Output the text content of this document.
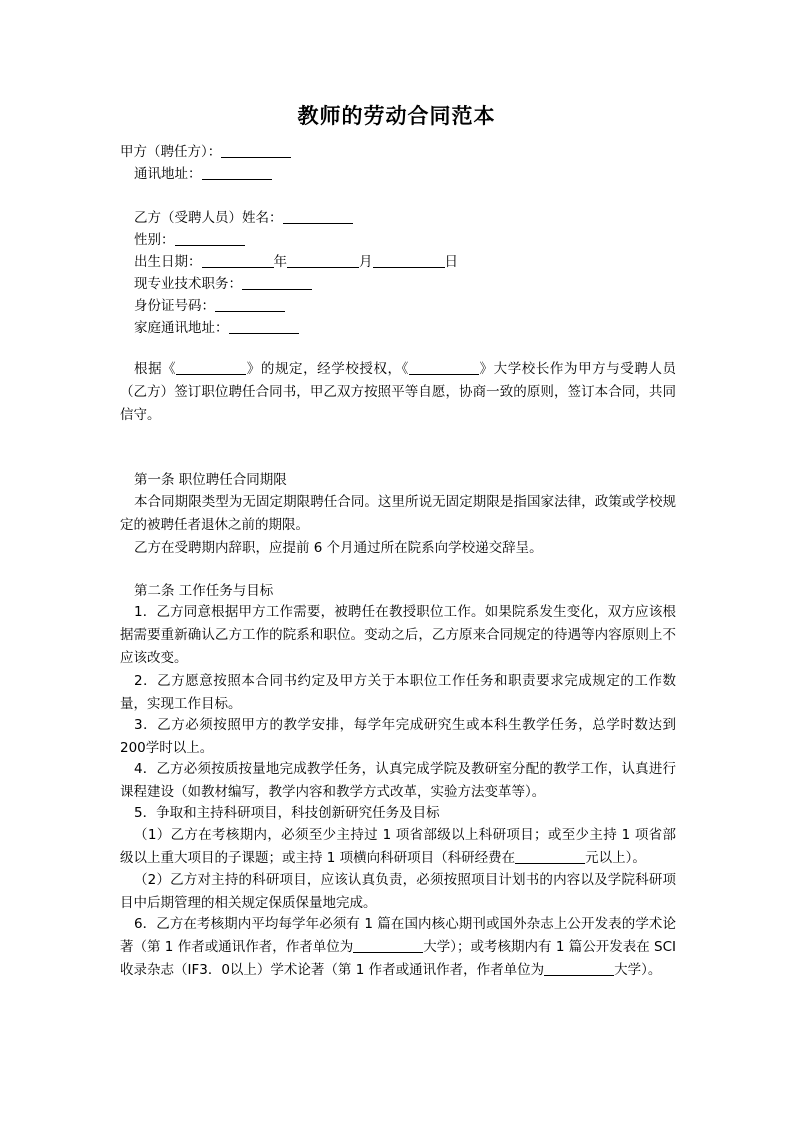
教师的劳动合同范本
甲方（聘任方）：
通讯地址：
乙方（受聘人员）姓名：
性别：
出生日期：	年	月	日
现专业技术职务：
身份证号码：
家庭通讯地址：
根据《	》的规定，经学校授权，《	》大学校长作为甲方与受聘人员（乙方）签订职位聘任合同书，甲乙双方按照平等自愿，协商一致的原则，签订本合同，共同信守。
第一条 职位聘任合同期限
本合同期限类型为无固定期限聘任合同。这里所说无固定期限是指国家法律，政策或学校规定的被聘任者退休之前的期限。
乙方在受聘期内辞职，应提前 6 个月通过所在院系向学校递交辞呈。
第二条 工作任务与目标
1．乙方同意根据甲方工作需要，被聘任在教授职位工作。如果院系发生变化，双方应该根据需要重新确认乙方工作的院系和职位。变动之后，乙方原来合同规定的待遇等内容原则上不应该改变。
2．乙方愿意按照本合同书约定及甲方关于本职位工作任务和职责要求完成规定的工作数量，实现工作目标。
3．乙方必须按照甲方的教学安排，每学年完成研究生或本科生教学任务，总学时数达到200学时以上。
4．乙方必须按质按量地完成教学任务，认真完成学院及教研室分配的教学工作，认真进行课程建设（如教材编写，教学内容和教学方式改革，实验方法变革等）。
5．争取和主持科研项目，科技创新研究任务及目标
（1）乙方在考核期内，必须至少主持过 1 项省部级以上科研项目；或至少主持 1 项省部级以上重大项目的子课题；或主持 1 项横向科研项目（科研经费在	元以上）。
（2）乙方对主持的科研项目，应该认真负责，必须按照项目计划书的内容以及学院科研项目中后期管理的相关规定保质保量地完成。
6．乙方在考核期内平均每学年必须有 1 篇在国内核心期刊或国外杂志上公开发表的学术论著（第 1 作者或通讯作者，作者单位为	大学）；或考核期内有 1 篇公开发表在 SCI 收录杂志（IF3．0以上）学术论著（第 1 作者或通讯作者，作者单位为	大学）。
